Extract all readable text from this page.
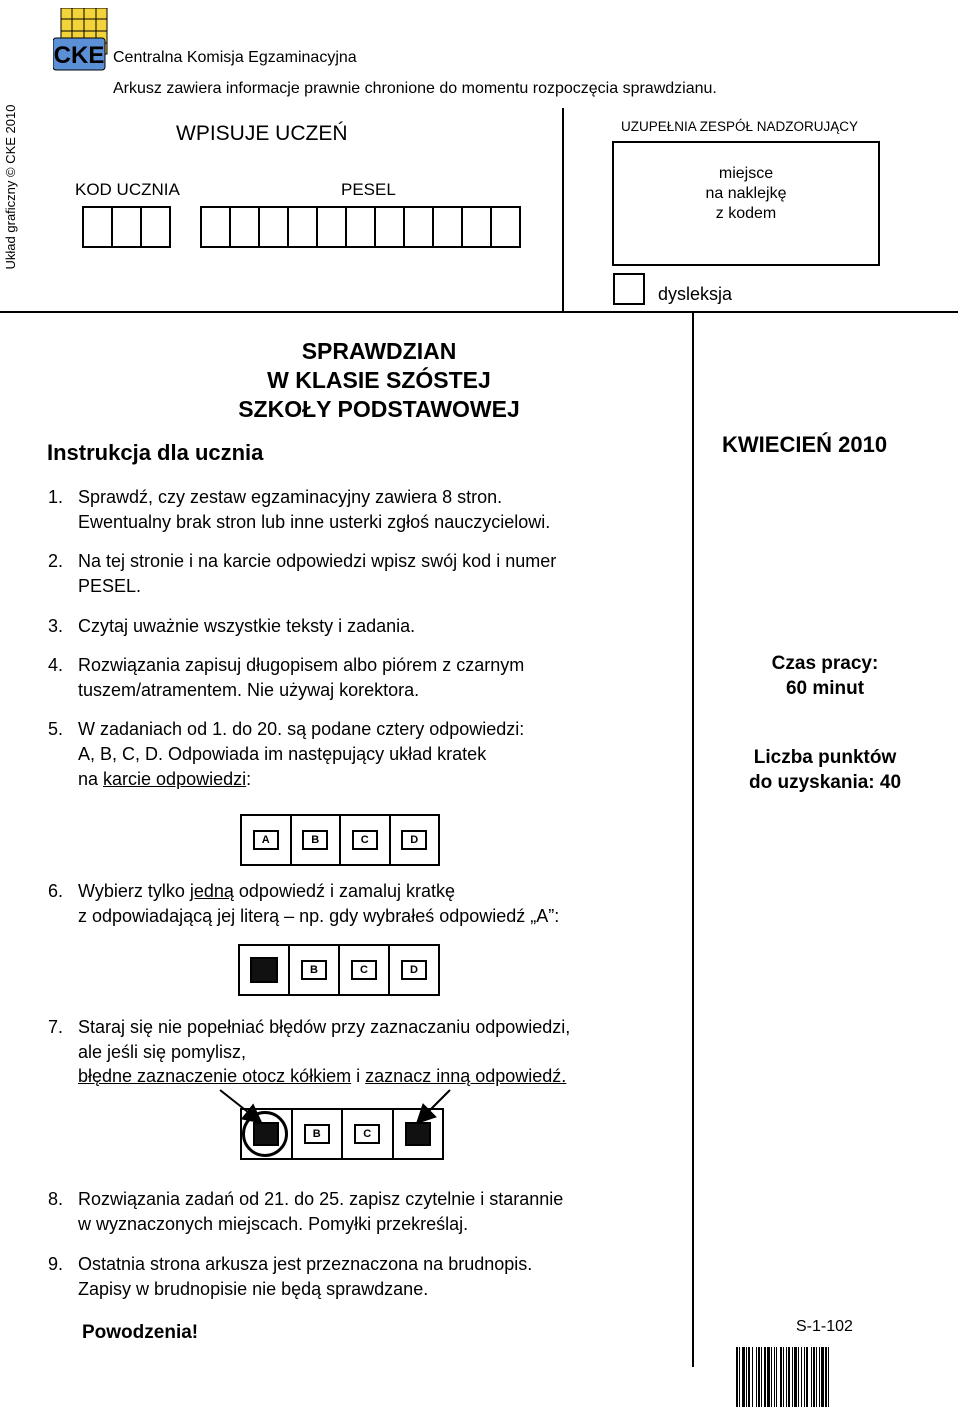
Układ graficzny © CKE 2010
CKE Centralna Komisja Egzaminacyjna
Arkusz zawiera informacje prawnie chronione do momentu rozpoczęcia sprawdzianu.
WPISUJE UCZEŃ
KOD UCZNIA	PESEL
UZUPEŁNIA ZESPÓŁ NADZORUJĄCY
miejsce
na naklejkę
z kodem
dysleksja
SPRAWDZIAN
W KLASIE SZÓSTEJ
SZKOŁY PODSTAWOWEJ
Instrukcja dla ucznia	KWIECIEŃ 2010
Czas pracy:
60 minut
Liczba punktów
do uzyskania: 40
1. Sprawdź, czy zestaw egzaminacyjny zawiera 8 stron.
Ewentualny brak stron lub inne usterki zgłoś nauczycielowi.
2. Na tej stronie i na karcie odpowiedzi wpisz swój kod i numer
PESEL.
3. Czytaj uważnie wszystkie teksty i zadania.
4. Rozwiązania zapisuj długopisem albo piórem z czarnym
tuszem/atramentem. Nie używaj korektora.
5. W zadaniach od 1. do 20. są podane cztery odpowiedzi:
A, B, C, D. Odpowiada im następujący układ kratek
na karcie odpowiedzi:
6. Wybierz tylko jedną odpowiedź i zamaluj kratkę
z odpowiadającą jej literą – np. gdy wybrałeś odpowiedź „A”:
7. Staraj się nie popełniać błędów przy zaznaczaniu odpowiedzi,
ale jeśli się pomylisz,
błędne zaznaczenie otocz kółkiem i zaznacz inną odpowiedź.
8. Rozwiązania zadań od 21. do 25. zapisz czytelnie i starannie
w wyznaczonych miejscach. Pomyłki przekreślaj.
9. Ostatnia strona arkusza jest przeznaczona na brudnopis.
Zapisy w brudnopisie nie będą sprawdzane.
A	B	C	D
B	C	D
B	C
Powodzenia!	S-1-102
